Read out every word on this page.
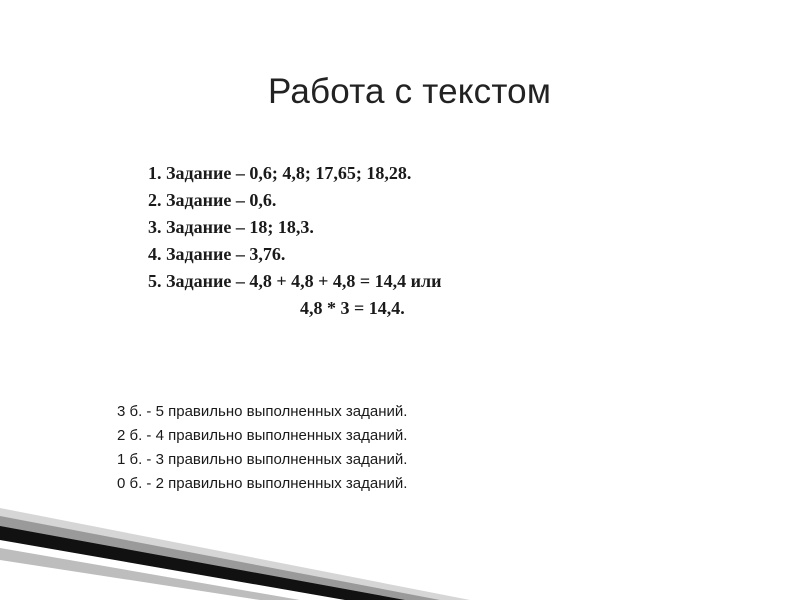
Работа с текстом
1. Задание – 0,6; 4,8; 17,65; 18,28.
2. Задание – 0,6.
3. Задание – 18; 18,3.
4. Задание – 3,76.
5. Задание – 4,8 + 4,8 + 4,8 = 14,4 или
4,8 * 3 = 14,4.
3 б. - 5 правильно выполненных заданий.
2 б. - 4 правильно выполненных заданий.
1 б. - 3 правильно выполненных заданий.
0 б. - 2 правильно выполненных заданий.
